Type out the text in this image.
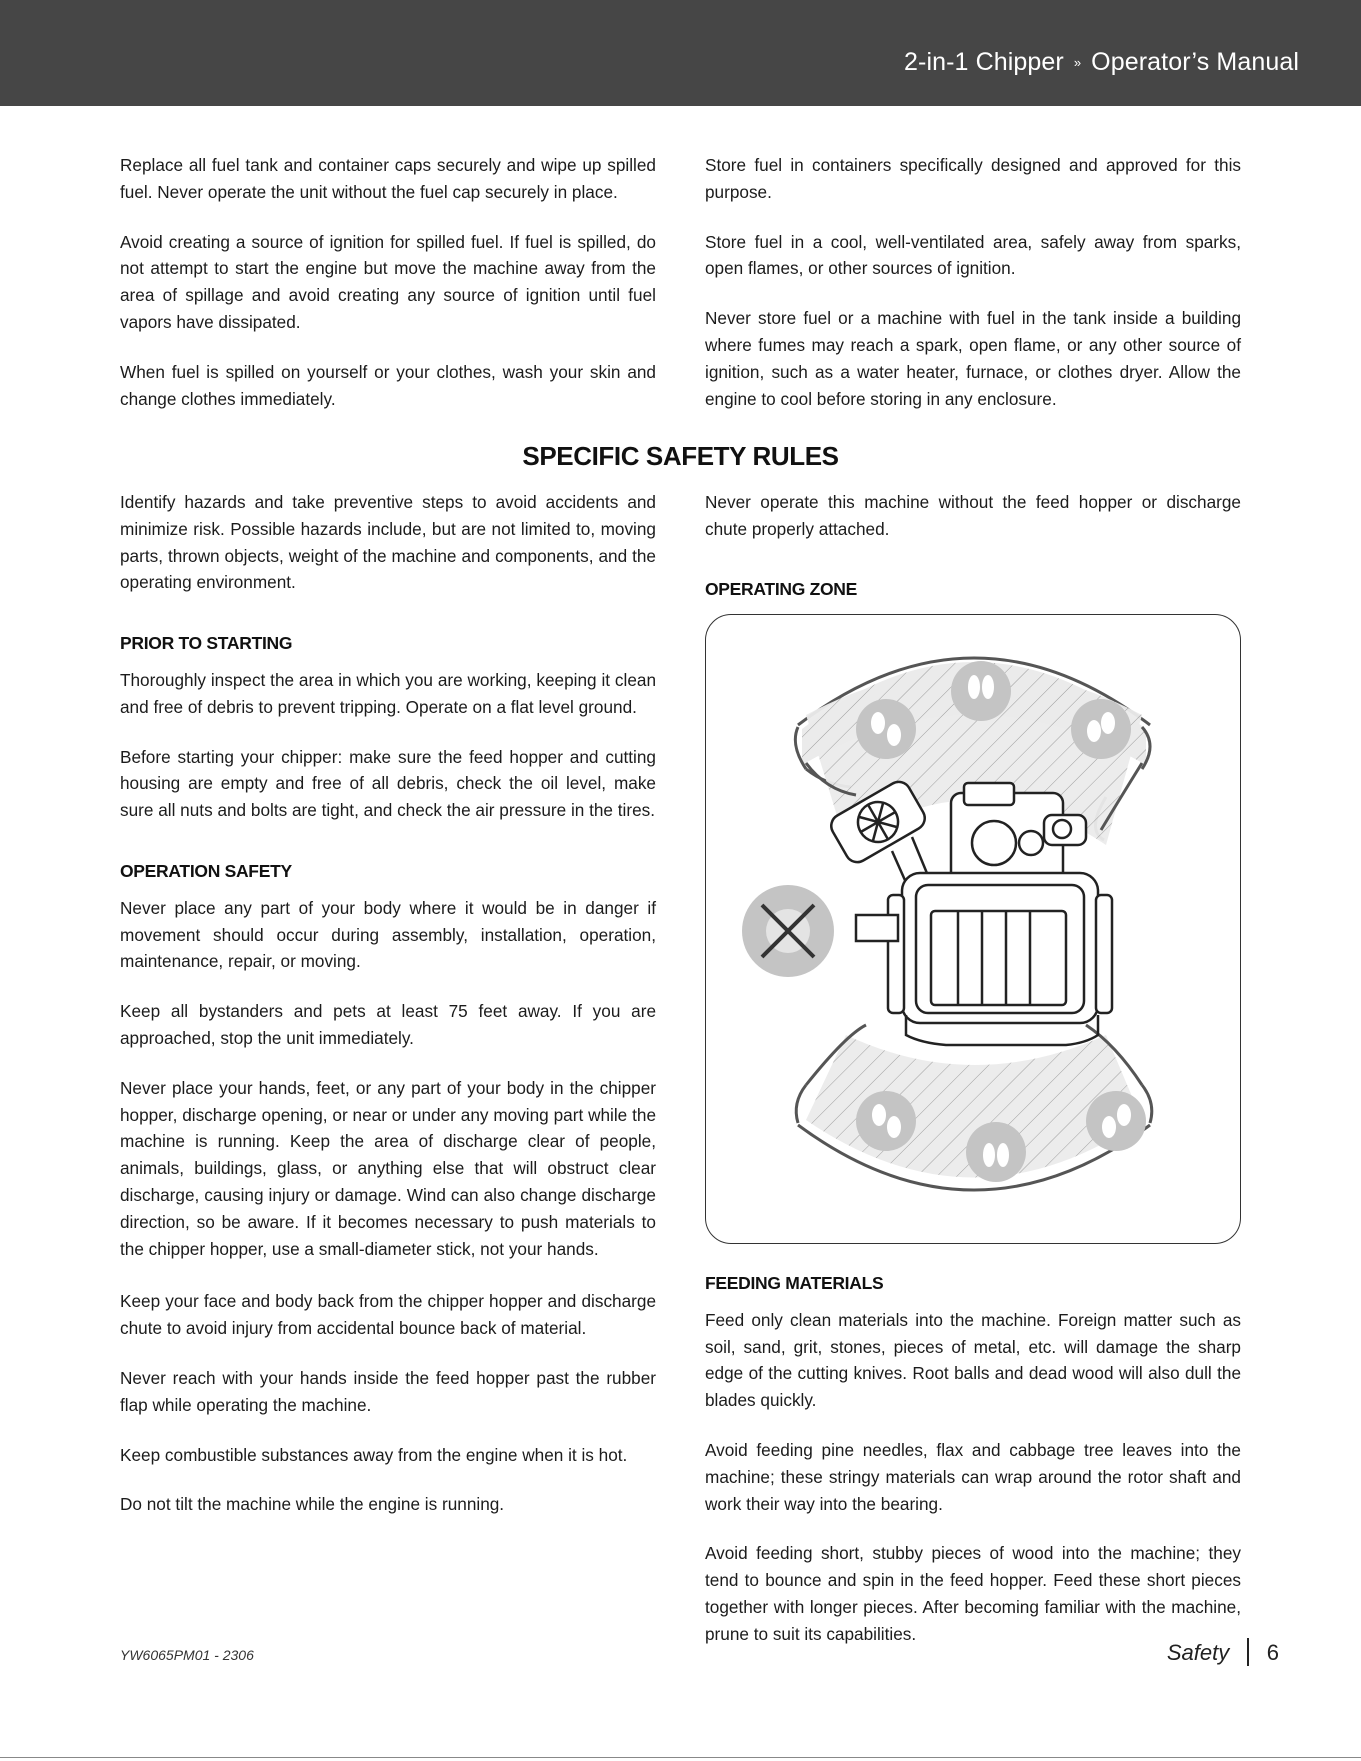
2-in-1 Chipper » Operator’s Manual

Replace all fuel tank and container caps securely and wipe up spilled fuel. Never operate the unit without the fuel cap securely in place.

Avoid creating a source of ignition for spilled fuel. If fuel is spilled, do not attempt to start the engine but move the machine away from the area of spillage and avoid creating any source of ignition until fuel vapors have dissipated.

When fuel is spilled on yourself or your clothes, wash your skin and change clothes immediately.

Store fuel in containers specifically designed and approved for this purpose.

Store fuel in a cool, well-ventilated area, safely away from sparks, open flames, or other sources of ignition.

Never store fuel or a machine with fuel in the tank inside a building where fumes may reach a spark, open flame, or any other source of ignition, such as a water heater, furnace, or clothes dryer. Allow the engine to cool before storing in any enclosure.

SPECIFIC SAFETY RULES

Identify hazards and take preventive steps to avoid accidents and minimize risk. Possible hazards include, but are not limited to, moving parts, thrown objects, weight of the machine and components, and the operating environment.

PRIOR TO STARTING

Thoroughly inspect the area in which you are working, keeping it clean and free of debris to prevent tripping. Operate on a flat level ground.

Before starting your chipper: make sure the feed hopper and cutting housing are empty and free of all debris, check the oil level, make sure all nuts and bolts are tight, and check the air pressure in the tires.

OPERATION SAFETY

Never place any part of your body where it would be in danger if movement should occur during assembly, installation, operation, maintenance, repair, or moving.

Keep all bystanders and pets at least 75 feet away. If you are approached, stop the unit immediately.

Never place your hands, feet, or any part of your body in the chipper hopper, discharge opening, or near or under any moving part while the machine is running. Keep the area of discharge clear of people, animals, buildings, glass, or anything else that will obstruct clear discharge, causing injury or damage. Wind can also change discharge direction, so be aware. If it becomes necessary to push materials to the chipper hopper, use a small-diameter stick, not your hands.

Keep your face and body back from the chipper hopper and discharge chute to avoid injury from accidental bounce back of material.

Never reach with your hands inside the feed hopper past the rubber flap while operating the machine.

Keep combustible substances away from the engine when it is hot.

Do not tilt the machine while the engine is running.

Never operate this machine without the feed hopper or discharge chute properly attached.

OPERATING ZONE
FEEDING MATERIALS

Feed only clean materials into the machine. Foreign matter such as soil, sand, grit, stones, pieces of metal, etc. will damage the sharp edge of the cutting knives. Root balls and dead wood will also dull the blades quickly.

Avoid feeding pine needles, flax and cabbage tree leaves into the machine; these stringy materials can wrap around the rotor shaft and work their way into the bearing.

Avoid feeding short, stubby pieces of wood into the machine; they tend to bounce and spin in the feed hopper. Feed these short pieces together with longer pieces. After becoming familiar with the machine, prune to suit its capabilities.

YW6065PM01 - 2306	Safety 6
